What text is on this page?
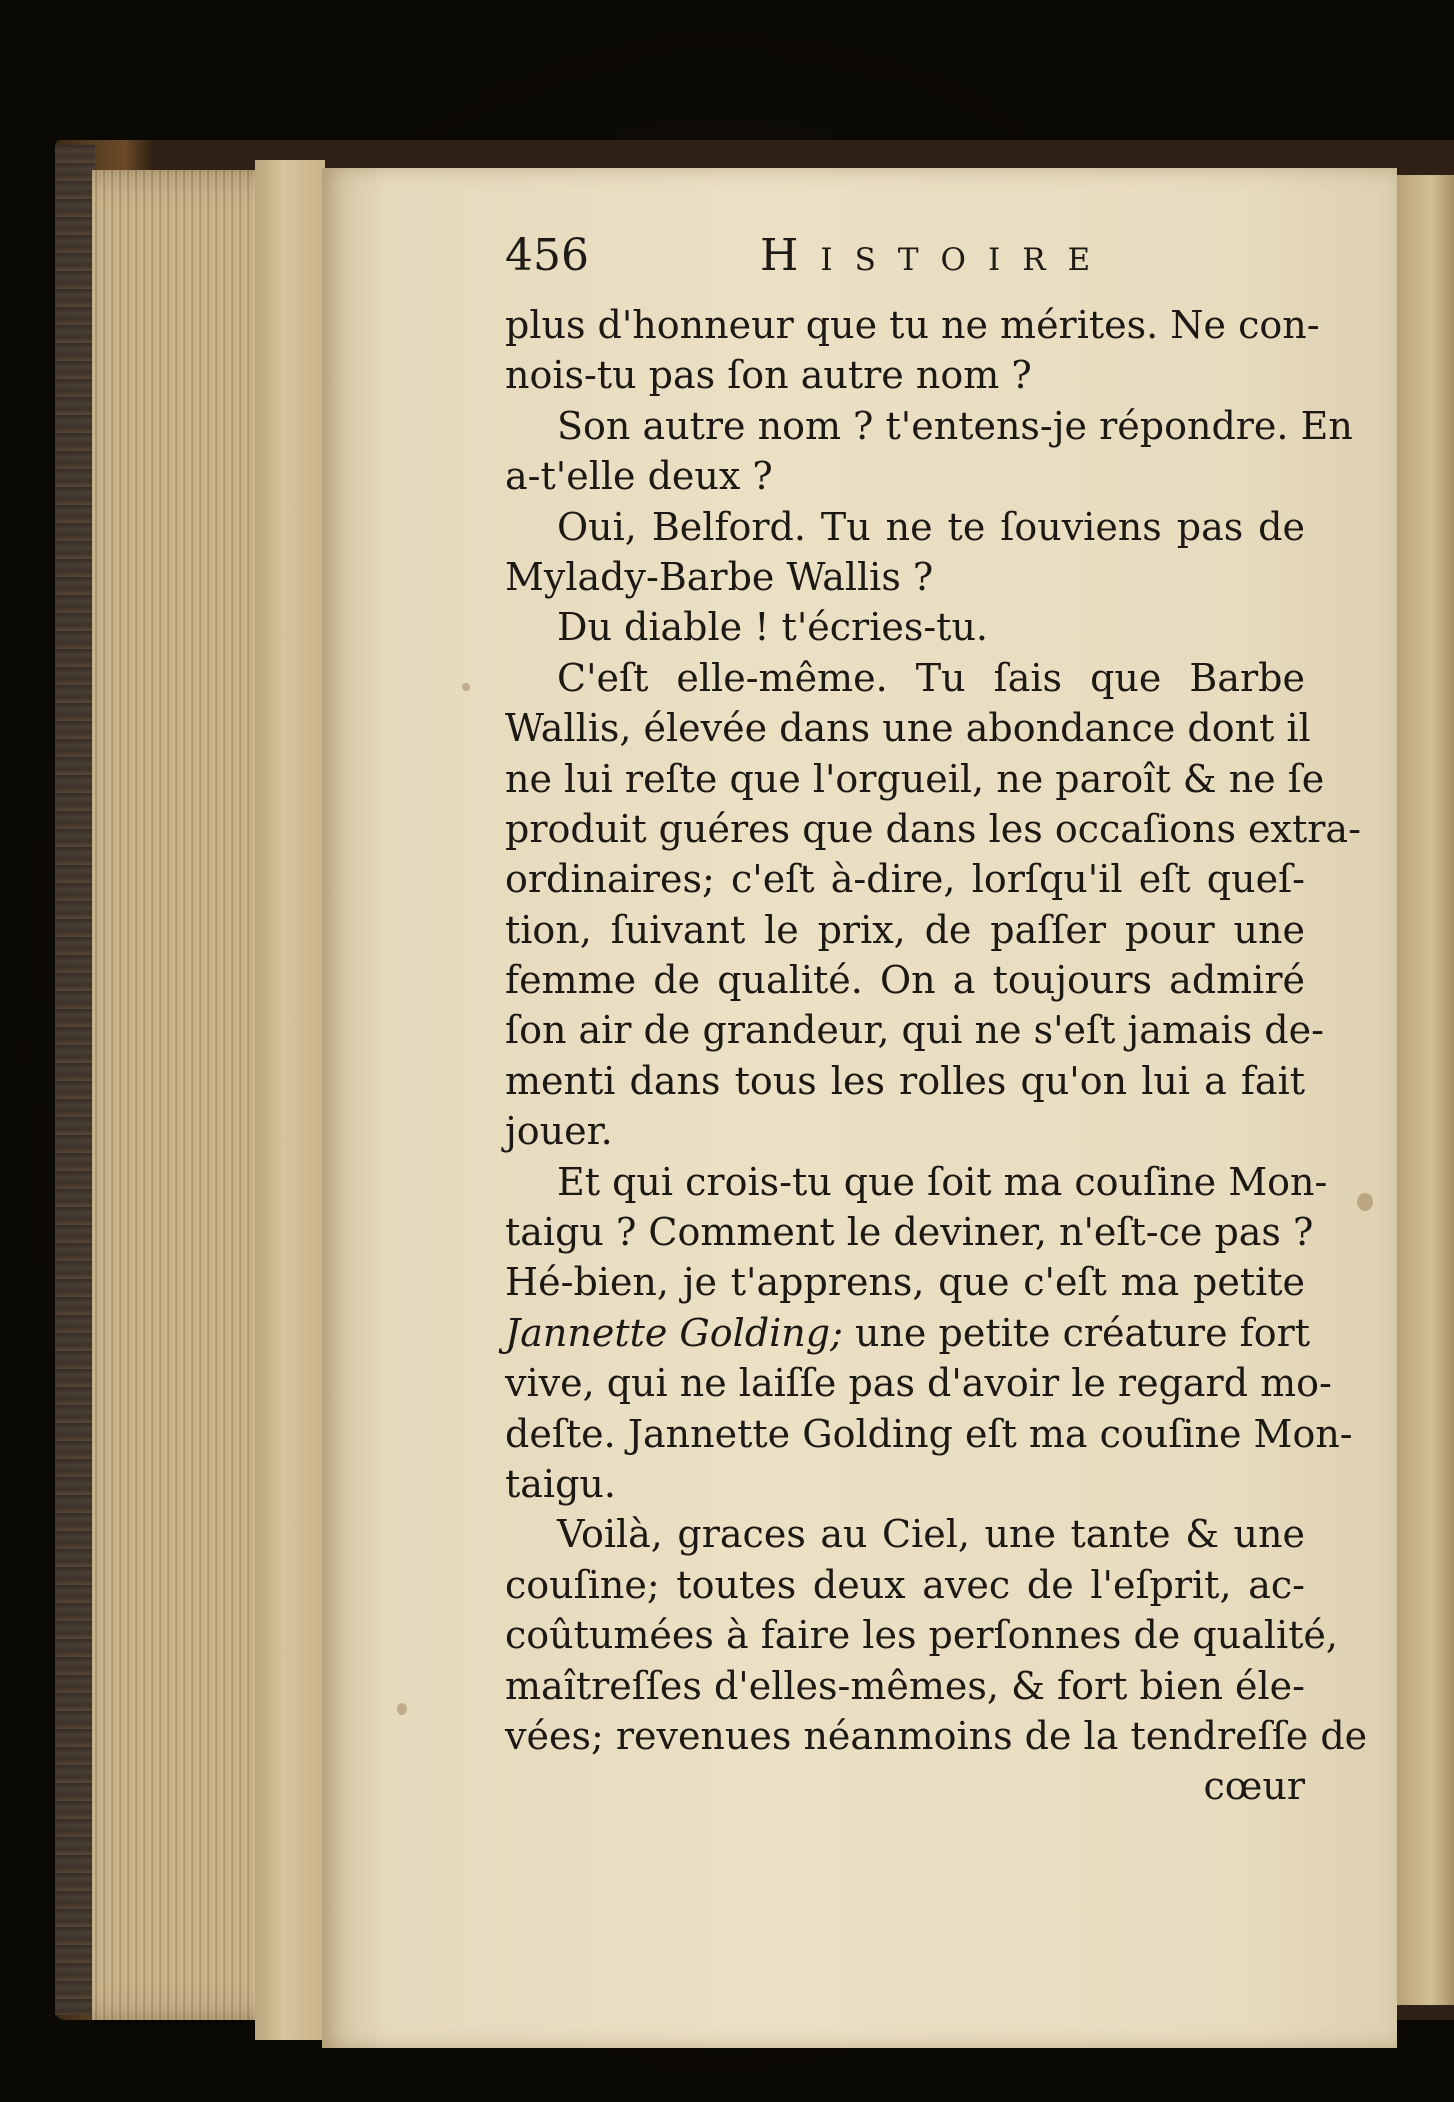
456	Histoire
plus d'honneur que tu ne mérites. Ne con-
nois-tu pas ſon autre nom ?
Son autre nom ? t'entens-je répondre. En
a-t'elle deux ?
Oui, Belford. Tu ne te ſouviens pas de
Mylady-Barbe Wallis ?
Du diable ! t'écries-tu.
C'eſt elle-même. Tu ſais que Barbe
Wallis, élevée dans une abondance dont il
ne lui reſte que l'orgueil, ne paroît & ne ſe
produit guéres que dans les occaſions extra-
ordinaires; c'eſt à-dire, lorſqu'il eſt queſ-
tion, ſuivant le prix, de paſſer pour une
femme de qualité. On a toujours admiré
ſon air de grandeur, qui ne s'eſt jamais de-
menti dans tous les rolles qu'on lui a fait
jouer.
Et qui crois-tu que ſoit ma couſine Mon-
taigu ? Comment le deviner, n'eſt-ce pas ?
Hé-bien, je t'apprens, que c'eſt ma petite
Jannette Golding; une petite créature fort
vive, qui ne laiſſe pas d'avoir le regard mo-
deſte. Jannette Golding eſt ma couſine Mon-
taigu.
Voilà, graces au Ciel, une tante & une
couſine; toutes deux avec de l'eſprit, ac-
coûtumées à faire les perſonnes de qualité,
maîtreſſes d'elles-mêmes, & fort bien éle-
vées; revenues néanmoins de la tendreſſe de
cœur
